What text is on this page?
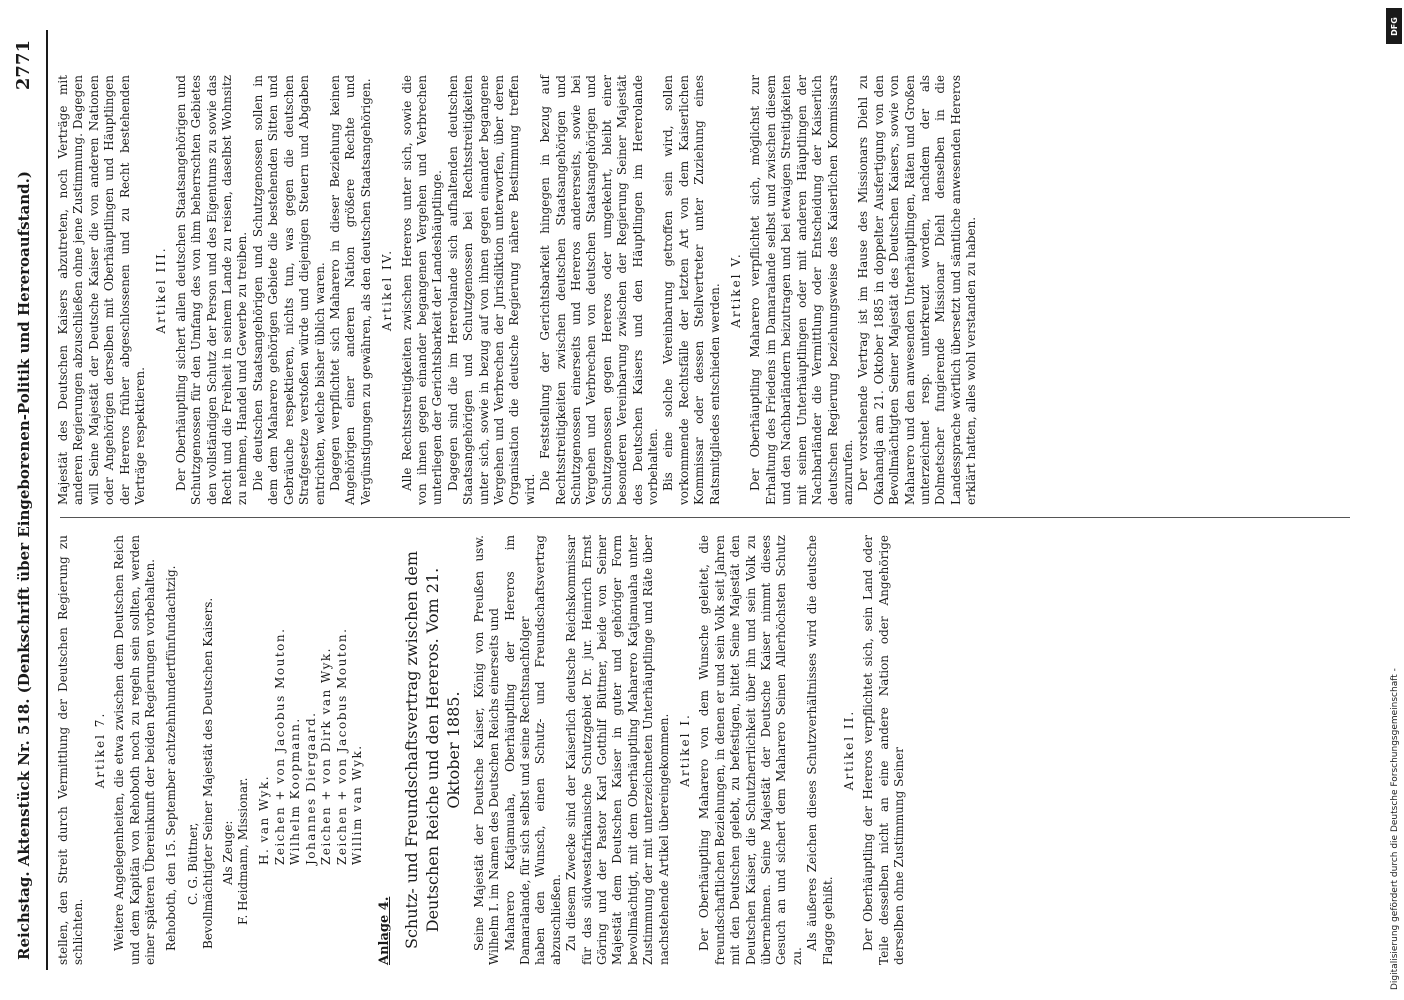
Reichstag. Aktenstück Nr. 518. (Denkschrift über Eingeborenen-Politik und Hereroaufstand.)
2771

stellen, den Streit durch Vermittlung der Deutschen Regierung zu schlichten.

Artikel 7. Weitere Angelegenheiten, die etwa zwischen dem Deutschen Reich und dem Kapitän von Rehoboth noch zu regeln sein sollten, werden einer späteren Übereinkunft der beiden Regierungen vorbehalten. Rehoboth, den 15. September achtzehnhundertfünfundachtzig. C. G. Büttner, Bevollmächtigter Seiner Majestät des Deutschen Kaisers. Als Zeuge: F. Heidmann, Missionar. H. van Wyk. Zeichen + von Jacobus Mouton. Wilhelm Koopmann. Johannes Diergaard. Zeichen + von Dirk van Wyk. Zeichen + von Jacobus Mouton. Willim van Wyk.

Anlage 4. Schutz- und Freundschaftsvertrag zwischen dem Deutschen Reiche und den Hereros. Vom 21. Oktober 1885. Seine Majestät der Deutsche Kaiser, König von Preußen usw. Wilhelm I. im Namen des Deutschen Reichs einerseits und Maharero Katjamuaha, Oberhäuptling der Hereros im Damaralande, für sich selbst und seine Rechtsnachfolger haben den Wunsch, einen Schutz- und Freundschaftsvertrag abzuschließen. Zu diesem Zwecke sind der Kaiserlich deutsche Reichskommissar für das südwestafrikanische Schutzgebiet Dr. jur. Heinrich Ernst Göring und der Pastor Karl Gotthilf Büttner, beide von Seiner Majestät dem Deutschen Kaiser in guter und gehöriger Form bevollmächtigt, mit dem Oberhäuptling Maharero Katjamuaha unter Zustimmung der mit unterzeichneten Unterhäuptlinge und Räte über nachstehende Artikel übereingekommen. Artikel I. Der Oberhäuptling Maharero von dem Wunsche geleitet, die freundschaftlichen Beziehungen, in denen er und sein Volk seit Jahren mit den Deutschen gelebt, zu befestigen, bittet Seine Majestät den Deutschen Kaiser, die Schutzherrlichkeit über ihn und sein Volk zu übernehmen. Seine Majestät der Deutsche Kaiser nimmt dieses Gesuch an und sichert dem Maharero Seinen Allerhöchsten Schutz zu.

Als äußeres Zeichen dieses Schutzverhältnisses wird die deutsche Flagge gehißt.

Artikel II. Der Oberhäuptling der Hereros verpflichtet sich, sein Land oder Teile desselben nicht an eine andere Nation oder Angehörige derselben ohne Zustimmung Seiner

Majestät des Deutschen Kaisers abzutreten, noch Verträge mit anderen Regierungen abzuschließen ohne jene Zustimmung. Dagegen will Seine Majestät der Deutsche Kaiser die von anderen Nationen oder Angehörigen derselben mit Oberhäuptlingen und Häuptlingen der Hereros früher abgeschlossenen und zu Recht bestehenden Verträge respektieren.

Artikel III. Der Oberhäuptling sichert allen deutschen Staatsangehörigen und Schutzgenossen für den Umfang des von ihm beherrschten Gebietes den vollständigen Schutz der Person und des Eigentums zu sowie das Recht und die Freiheit in seinem Lande zu reisen, daselbst Wohnsitz zu nehmen, Handel und Gewerbe zu treiben. Die deutschen Staatsangehörigen und Schutzgenossen sollen in dem dem Maharero gehörigen Gebiete die bestehenden Sitten und Gebräuche respektieren, nichts tun, was gegen die deutschen Strafgesetze verstoßen würde und diejenigen Steuern und Abgaben entrichten, welche bisher üblich waren. Dagegen verpflichtet sich Maharero in dieser Beziehung keinen Angehörigen einer anderen Nation größere Rechte und Vergünstigungen zu gewähren, als den deutschen Staatsangehörigen. Artikel IV. Alle Rechtsstreitigkeiten zwischen Hereros unter sich, sowie die von ihnen gegen einander begangenen Vergehen und Verbrechen unterliegen der Gerichtsbarkeit der Landeshäuptlinge. Dagegen sind die im Hererolande sich aufhaltenden deutschen Staatsangehörigen und Schutzgenossen bei Rechtsstreitigkeiten unter sich, sowie in bezug auf von ihnen gegen einander begangene Vergehen und Verbrechen der Jurisdiktion unterworfen, über deren Organisation die deutsche Regierung nähere Bestimmung treffen wird. Die Feststellung der Gerichtsbarkeit hingegen in bezug auf Rechtsstreitigkeiten zwischen deutschen Staatsangehörigen und Schutzgenossen einerseits und Hereros andererseits, sowie bei Vergehen und Verbrechen von deutschen Staatsangehörigen und Schutzgenossen gegen Hereros oder umgekehrt, bleibt einer besonderen Vereinbarung zwischen der Regierung Seiner Majestät des Deutschen Kaisers und den Häuptlingen im Hererolande vorbehalten. Bis eine solche Vereinbarung getroffen sein wird, sollen vorkommende Rechtsfälle der letzten Art von dem Kaiserlichen Kommissar oder dessen Stellvertreter unter Zuziehung eines Ratsmitgliedes entschieden werden. Artikel V. Der Oberhäuptling Maharero verpflichtet sich, möglichst zur Erhaltung des Friedens im Damaralande selbst und zwischen diesem und den Nachbarländern beizutragen und bei etwaigen Streitigkeiten mit seinen Unterhäuptlingen oder mit anderen Häuptlingen der Nachbarländer die Vermittlung oder Entscheidung der Kaiserlich deutschen Regierung beziehungsweise des Kaiserlichen Kommissars anzurufen. Der vorstehende Vertrag ist im Hause des Missionars Diehl zu Okahandja am 21. Oktober 1885 in doppelter Ausfertigung von den Bevollmächtigten Seiner Majestät des Deutschen Kaisers, sowie von Maharero und den anwesenden Unterhäuptlingen, Räten und Großen unterzeichnet resp. unterkreuzt worden, nachdem der als Dolmetscher fungierende Missionar Diehl denselben in die Landessprache wörtlich übersetzt und sämtliche anwesenden Hereros erklärt hatten, alles wohl verstanden zu haben.

DFG
Digitalisierung gefördert durch die Deutsche Forschungsgemeinschaft -
